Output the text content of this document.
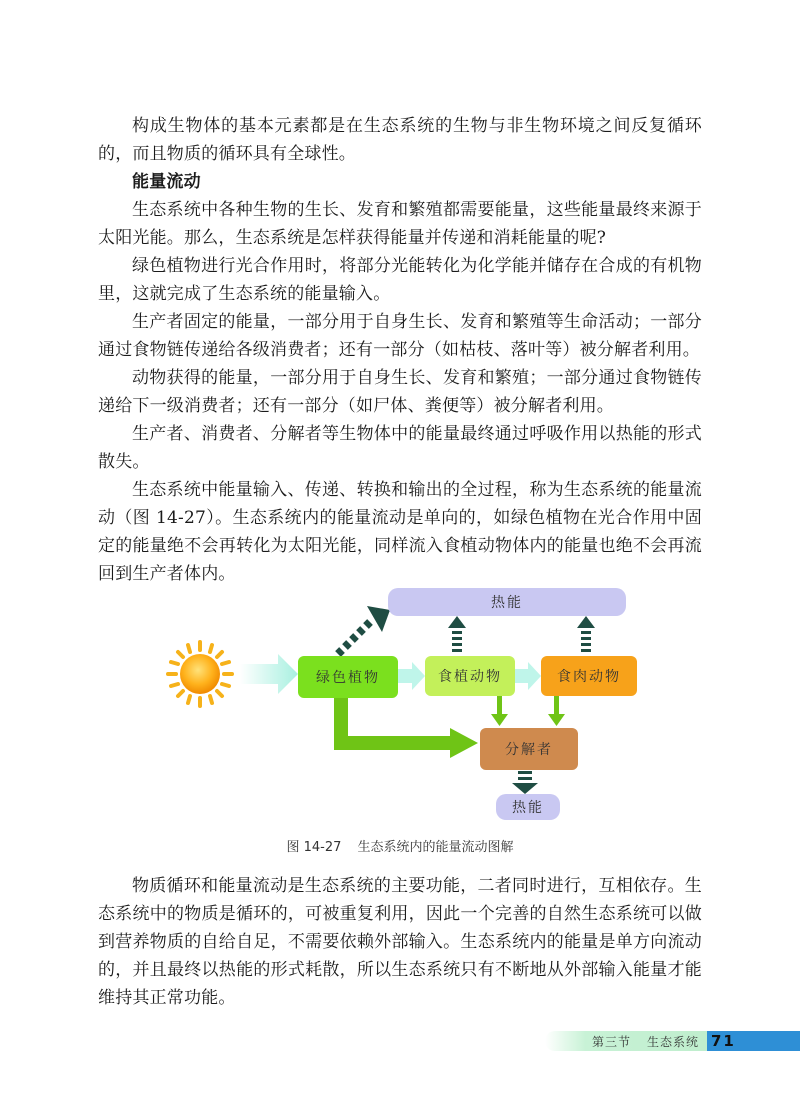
构成生物体的基本元素都是在生态系统的生物与非生物环境之间反复循环的，而且物质的循环具有全球性。

能量流动

生态系统中各种生物的生长、发育和繁殖都需要能量，这些能量最终来源于太阳光能。那么，生态系统是怎样获得能量并传递和消耗能量的呢?

绿色植物进行光合作用时，将部分光能转化为化学能并储存在合成的有机物里，这就完成了生态系统的能量输入。

生产者固定的能量，一部分用于自身生长、发育和繁殖等生命活动；一部分通过食物链传递给各级消费者；还有一部分（如枯枝、落叶等）被分解者利用。

动物获得的能量，一部分用于自身生长、发育和繁殖；一部分通过食物链传递给下一级消费者；还有一部分（如尸体、粪便等）被分解者利用。

生产者、消费者、分解者等生物体中的能量最终通过呼吸作用以热能的形式散失。

生态系统中能量输入、传递、转换和输出的全过程，称为生态系统的能量流动（图 14-27）。生态系统内的能量流动是单向的，如绿色植物在光合作用中固定的能量绝不会再转化为太阳光能，同样流入食植动物体内的能量也绝不会再流回到生产者体内。

热能
绿色植物	食植动物	食肉动物
分解者
热能
图 14-27 生态系统内的能量流动图解

物质循环和能量流动是生态系统的主要功能，二者同时进行，互相依存。生态系统中的物质是循环的，可被重复利用，因此一个完善的自然生态系统可以做到营养物质的自给自足，不需要依赖外部输入。生态系统内的能量是单方向流动的，并且最终以热能的形式耗散，所以生态系统只有不断地从外部输入能量才能维持其正常功能。

第三节 生态系统 71
